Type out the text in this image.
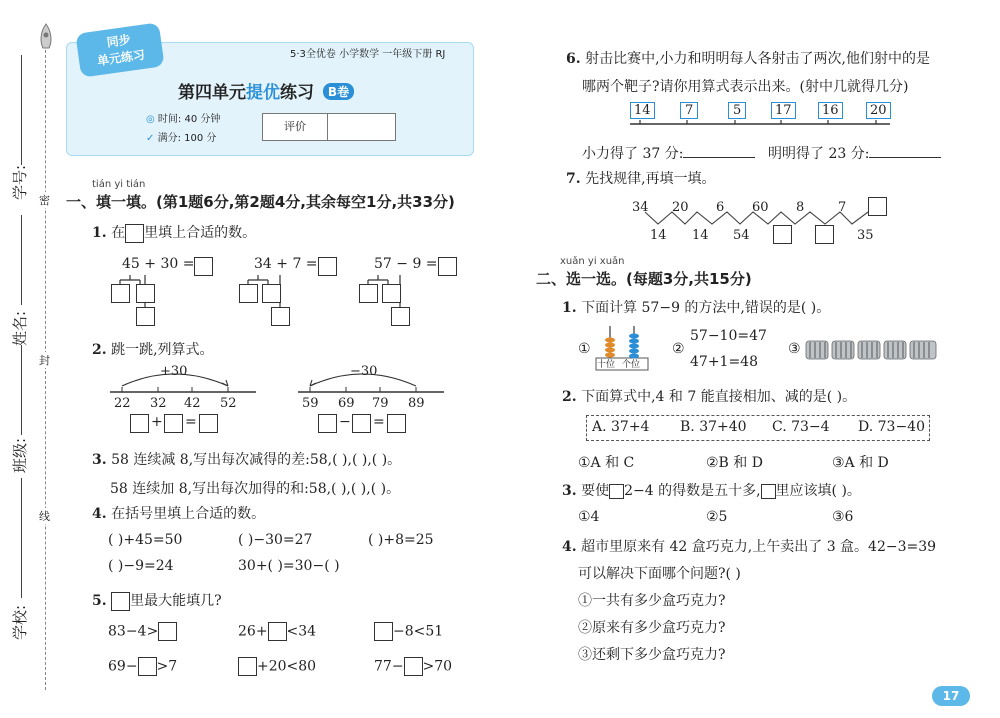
密
封
线
学号:
姓名:
班级:
学校:
同步
单元练习	5·3全优卷 小学数学 一年级下册 RJ
第四单元提优练习 B卷
◎ 时间: 40 分钟
✓ 满分: 100 分
评价
tián yi tián
一、填一填。(第1题6分,第2题4分,其余每空1分,共33分)
1. 在 里填上合适的数。
45 + 30 =	34 + 7 =	57 − 9 =
2. 跳一跳,列算式。
+30
22 32 42 52
−30
59 69 79 89
+ =	− =
3. 58 连续减 8,写出每次减得的差:58,( ),( ),( )。
58 连续加 8,写出每次加得的和:58,( ),( ),( )。
4. 在括号里填上合适的数。
( )+45=50	( )−30=27	( )+8=25
( )−9=24	30+( )=30−( )
5. 里最大能填几?
83−4>	26+ <34	−8<51
69− >7	+20<80	77− >70
6. 射击比赛中,小力和明明每人各射击了两次,他们射中的是
哪两个靶子?请你用算式表示出来。(射中几就得几分)
14	7	5	17	16	20
小力得了 37 分:	明明得了 23 分:
7. 先找规律,再填一填。
34 20 6 60 8	7
14 14 54	35
xuǎn yi xuǎn
二、选一选。(每题3分,共15分)
1. 下面计算 57−9 的方法中,错误的是( )。
①
十位 个位
②
57−10=47
47+1=48
③
2. 下面算式中,4 和 7 能直接相加、减的是( )。
A. 37+4 B. 37+40 C. 73−4 D. 73−40
①A 和 C	②B 和 D	③A 和 D
3. 要使 2−4 的得数是五十多, 里应该填( )。
①4	②5	③6
4. 超市里原来有 42 盒巧克力,上午卖出了 3 盒。42−3=39
可以解决下面哪个问题?( )
①一共有多少盒巧克力?
②原来有多少盒巧克力?
③还剩下多少盒巧克力?
17
